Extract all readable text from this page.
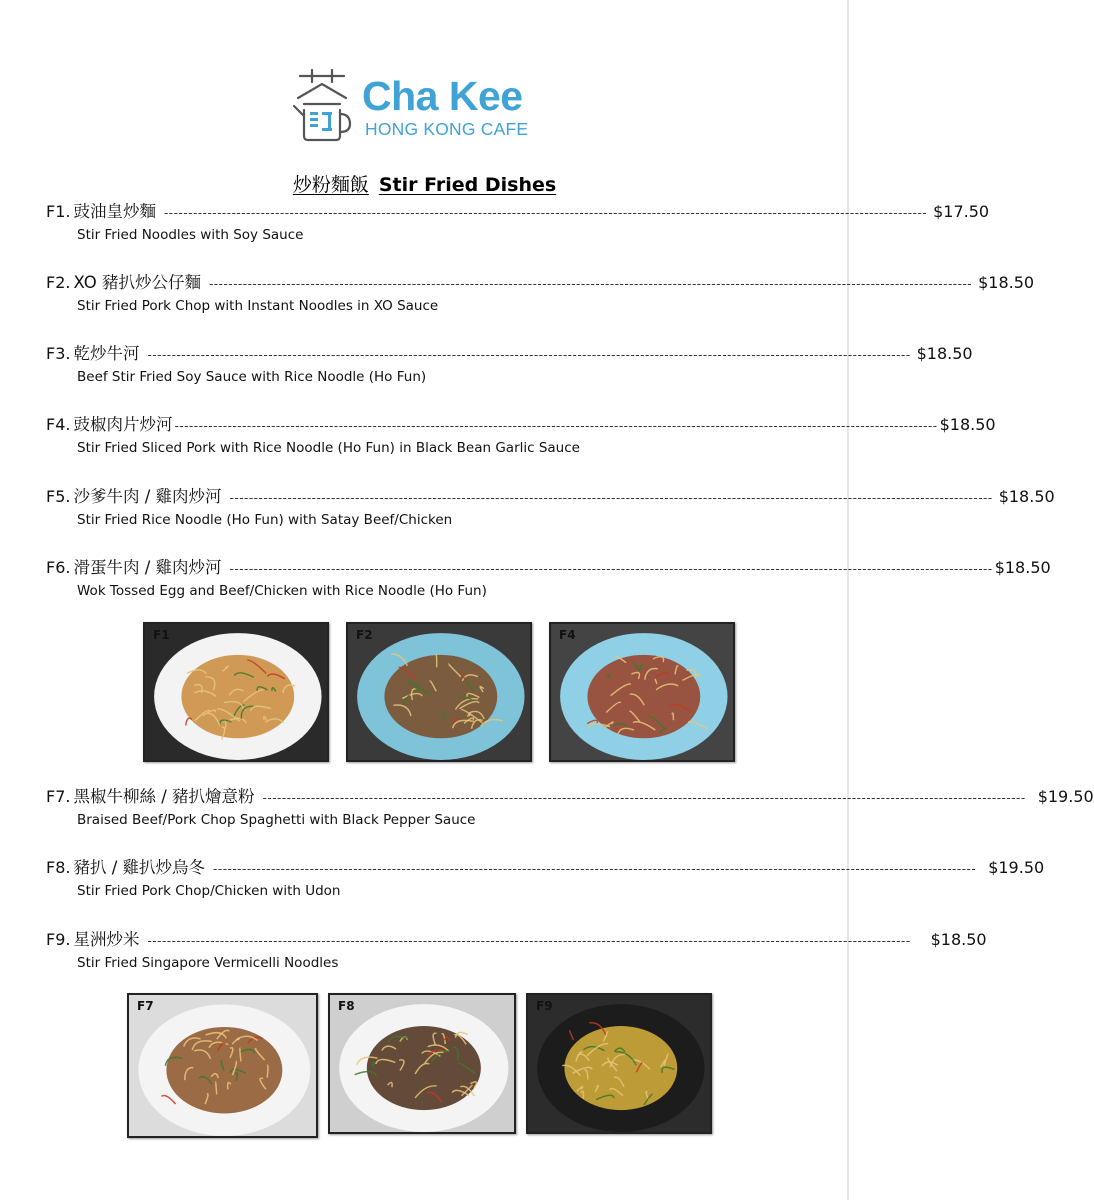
Cha Kee
HONG KONG CAFE
炒粉麵飯 Stir Fried Dishes
F1. 豉油皇炒麵 -------------------------------------------------------------------------------------------------------------------------------------------------------------- $17.50
Stir Fried Noodles with Soy Sauce
F2. XO 豬扒炒公仔麵 -------------------------------------------------------------------------------------------------------------------------------------------------------------- $18.50
Stir Fried Pork Chop with Instant Noodles in XO Sauce
F3. 乾炒牛河 -------------------------------------------------------------------------------------------------------------------------------------------------------------- $18.50
Beef Stir Fried Soy Sauce with Rice Noodle (Ho Fun)
F4. 豉椒肉片炒河 -------------------------------------------------------------------------------------------------------------------------------------------------------------- $18.50
Stir Fried Sliced Pork with Rice Noodle (Ho Fun) in Black Bean Garlic Sauce
F5. 沙爹牛肉 / 雞肉炒河 -------------------------------------------------------------------------------------------------------------------------------------------------------------- $18.50
Stir Fried Rice Noodle (Ho Fun) with Satay Beef/Chicken
F6. 滑蛋牛肉 / 雞肉炒河 -------------------------------------------------------------------------------------------------------------------------------------------------------------- $18.50
Wok Tossed Egg and Beef/Chicken with Rice Noodle (Ho Fun)
F1	F2	F4
F7. 黑椒牛柳絲 / 豬扒燴意粉 -------------------------------------------------------------------------------------------------------------------------------------------------------------- $19.50
Braised Beef/Pork Chop Spaghetti with Black Pepper Sauce
F8. 豬扒 / 雞扒炒烏冬 -------------------------------------------------------------------------------------------------------------------------------------------------------------- $19.50
Stir Fried Pork Chop/Chicken with Udon
F9. 星洲炒米 -------------------------------------------------------------------------------------------------------------------------------------------------------------- $18.50
Stir Fried Singapore Vermicelli Noodles
F7	F8	F9
